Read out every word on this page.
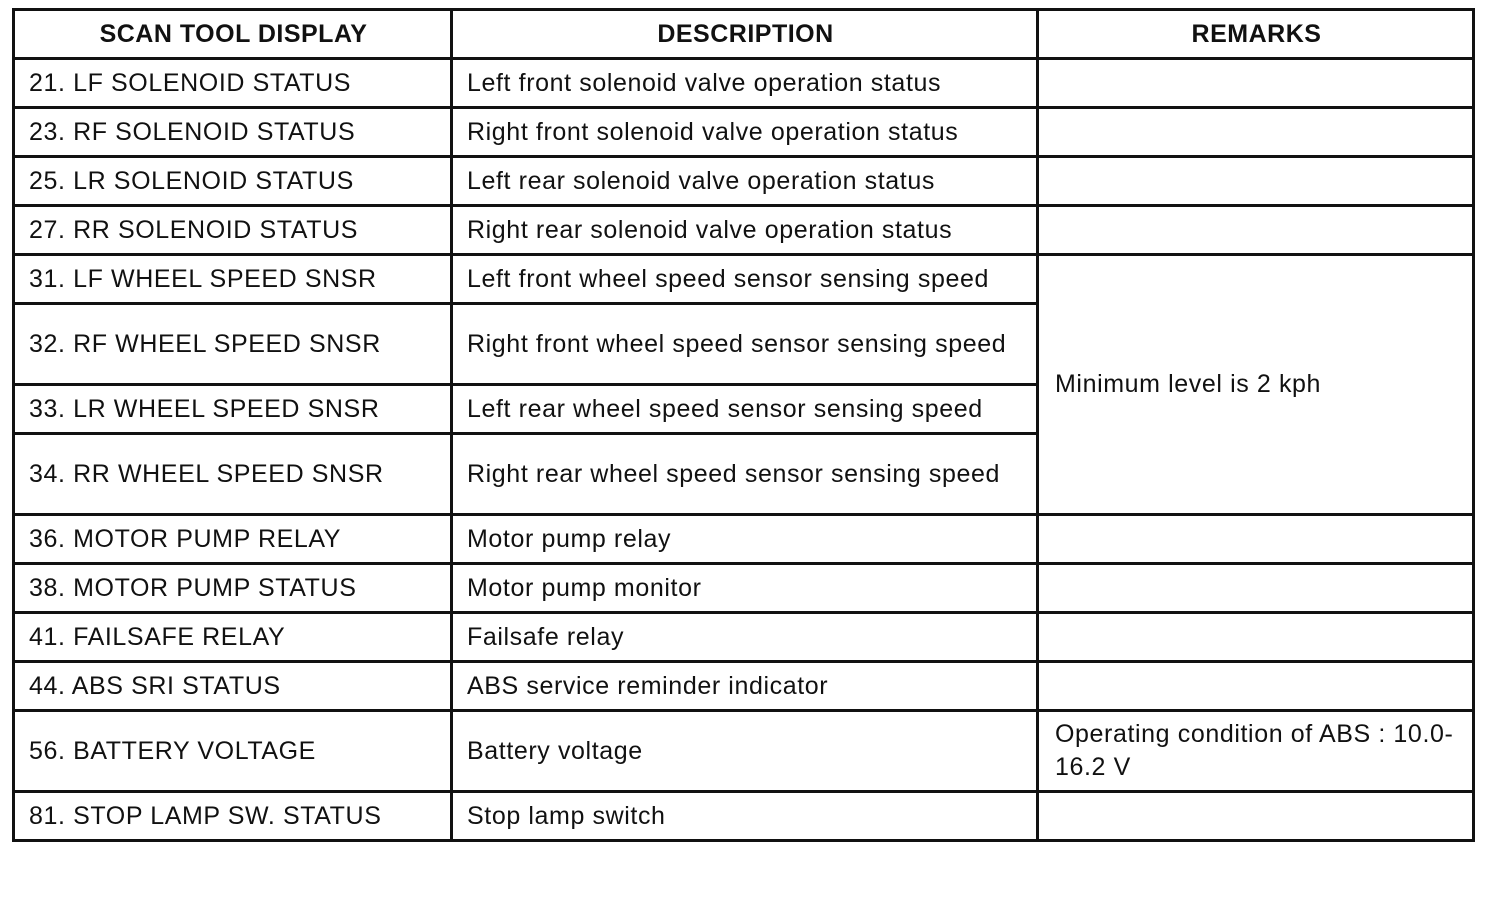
SCAN TOOL DISPLAY	DESCRIPTION	REMARKS
21. LF SOLENOID STATUS	Left front solenoid valve operation status	
23. RF SOLENOID STATUS	Right front solenoid valve operation status	
25. LR SOLENOID STATUS	Left rear solenoid valve operation status	
27. RR SOLENOID STATUS	Right rear solenoid valve operation status	
31. LF WHEEL SPEED SNSR	Left front wheel speed sensor sensing speed	Minimum level is 2 kph
32. RF WHEEL SPEED SNSR	Right front wheel speed sensor sensing speed	
33. LR WHEEL SPEED SNSR	Left rear wheel speed sensor sensing speed	
34. RR WHEEL SPEED SNSR	Right rear wheel speed sensor sensing speed	
36. MOTOR PUMP RELAY	Motor pump relay	
38. MOTOR PUMP STATUS	Motor pump monitor	
41. FAILSAFE RELAY	Failsafe relay	
44. ABS SRI STATUS	ABS service reminder indicator	
56. BATTERY VOLTAGE	Battery voltage	Operating condition of ABS : 10.0-16.2 V
81. STOP LAMP SW. STATUS	Stop lamp switch	
